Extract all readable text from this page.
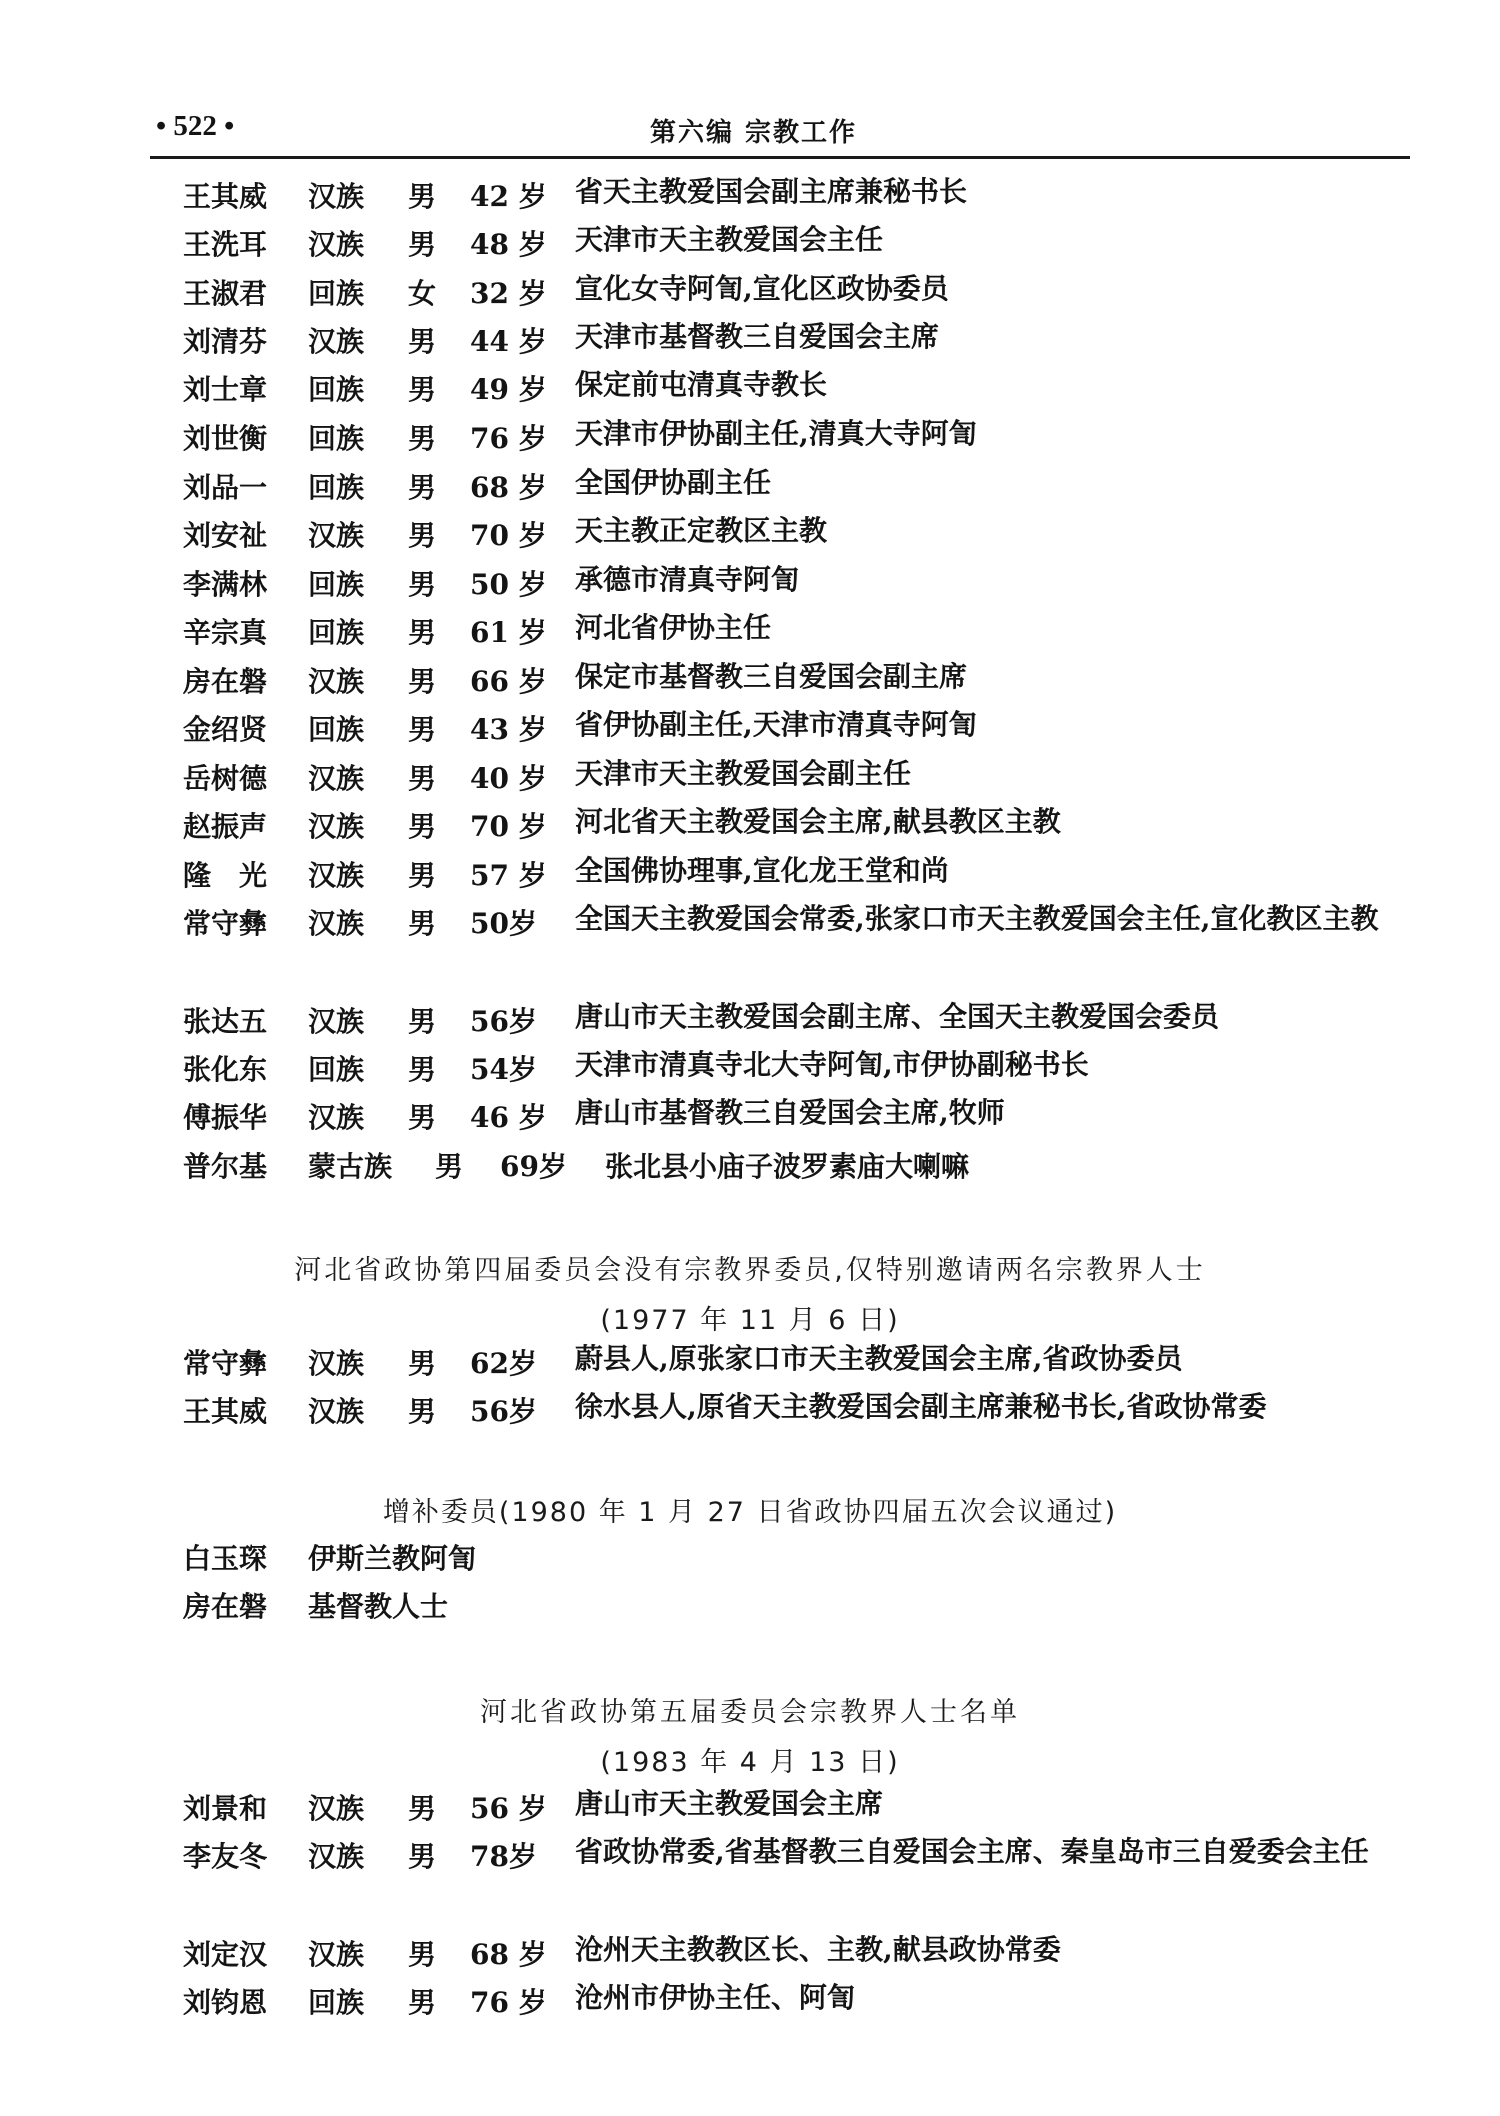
• 522 •	第六编 宗教工作
王其威 汉族 男 42 岁 省天主教爱国会副主席兼秘书长
王洗耳 汉族 男 48 岁 天津市天主教爱国会主任
王淑君 回族 女 32 岁 宣化女寺阿訇,宣化区政协委员
刘清芬 汉族 男 44 岁 天津市基督教三自爱国会主席
刘士章 回族 男 49 岁 保定前屯清真寺教长
刘世衡 回族 男 76 岁 天津市伊协副主任,清真大寺阿訇
刘品一 回族 男 68 岁 全国伊协副主任
刘安祉 汉族 男 70 岁 天主教正定教区主教
李满林 回族 男 50 岁 承德市清真寺阿訇
辛宗真 回族 男 61 岁 河北省伊协主任
房在磐 汉族 男 66 岁 保定市基督教三自爱国会副主席
金绍贤 回族 男 43 岁 省伊协副主任,天津市清真寺阿訇
岳树德 汉族 男 40 岁 天津市天主教爱国会副主任
赵振声 汉族 男 70 岁 河北省天主教爱国会主席,献县教区主教
隆　光 汉族 男 57 岁 全国佛协理事,宣化龙王堂和尚
常守彝 汉族 男 50岁 全国天主教爱国会常委,张家口市天主教爱国会主任,宣化教区主教
张达五 汉族 男 56岁 唐山市天主教爱国会副主席、全国天主教爱国会委员
张化东 回族 男 54岁 天津市清真寺北大寺阿訇,市伊协副秘书长
傅振华 汉族 男 46 岁 唐山市基督教三自爱国会主席,牧师
普尔基 蒙古族 男 69岁 张北县小庙子波罗素庙大喇嘛
河北省政协第四届委员会没有宗教界委员,仅特别邀请两名宗教界人士
(1977 年 11 月 6 日)
常守彝 汉族 男 62岁 蔚县人,原张家口市天主教爱国会主席,省政协委员
王其威 汉族 男 56岁 徐水县人,原省天主教爱国会副主席兼秘书长,省政协常委
增补委员(1980 年 1 月 27 日省政协四届五次会议通过)
白玉琛 伊斯兰教阿訇
房在磐 基督教人士
河北省政协第五届委员会宗教界人士名单
(1983 年 4 月 13 日)
刘景和 汉族 男 56 岁 唐山市天主教爱国会主席
李友冬 汉族 男 78岁 省政协常委,省基督教三自爱国会主席、秦皇岛市三自爱委会主任
刘定汉 汉族 男 68 岁 沧州天主教教区长、主教,献县政协常委
刘钧恩 回族 男 76 岁 沧州市伊协主任、阿訇
